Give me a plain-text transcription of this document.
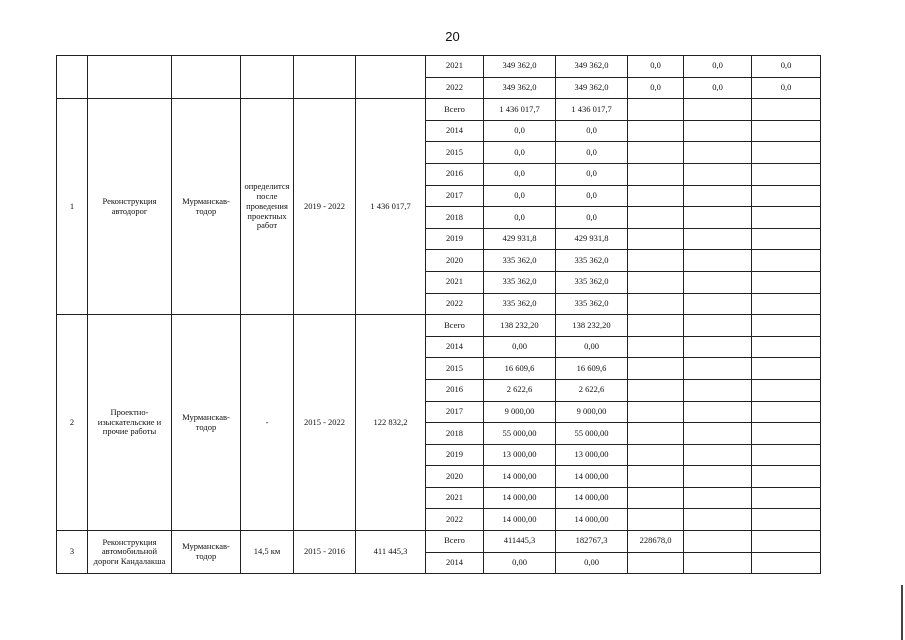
20
						2021	349 362,0	349 362,0	0,0	0,0	0,0
						2022	349 362,0	349 362,0	0,0	0,0	0,0
1	Реконструкция автодорог	Мурманскав-тодор	определится после проведения проектных работ	2019 - 2022	1 436 017,7	Всего	1 436 017,7	1 436 017,7			
						2014	0,0	0,0			
						2015	0,0	0,0			
						2016	0,0	0,0			
						2017	0,0	0,0			
						2018	0,0	0,0			
						2019	429 931,8	429 931,8			
						2020	335 362,0	335 362,0			
						2021	335 362,0	335 362,0			
						2022	335 362,0	335 362,0			
2	Проектно-изыскательские и прочие работы	Мурманскав-тодор	-	2015 - 2022	122 832,2	Всего	138 232,20	138 232,20			
						2014	0,00	0,00			
						2015	16 609,6	16 609,6			
						2016	2 622,6	2 622,6			
						2017	9 000,00	9 000,00			
						2018	55 000,00	55 000,00			
						2019	13 000,00	13 000,00			
						2020	14 000,00	14 000,00			
						2021	14 000,00	14 000,00			
						2022	14 000,00	14 000,00			
3	Реконструкция автомобильной дороги Кандалакша	Мурманскав-тодор	14,5 км	2015 - 2016	411 445,3	Всего	411445,3	182767,3	228678,0		
						2014	0,00	0,00			
